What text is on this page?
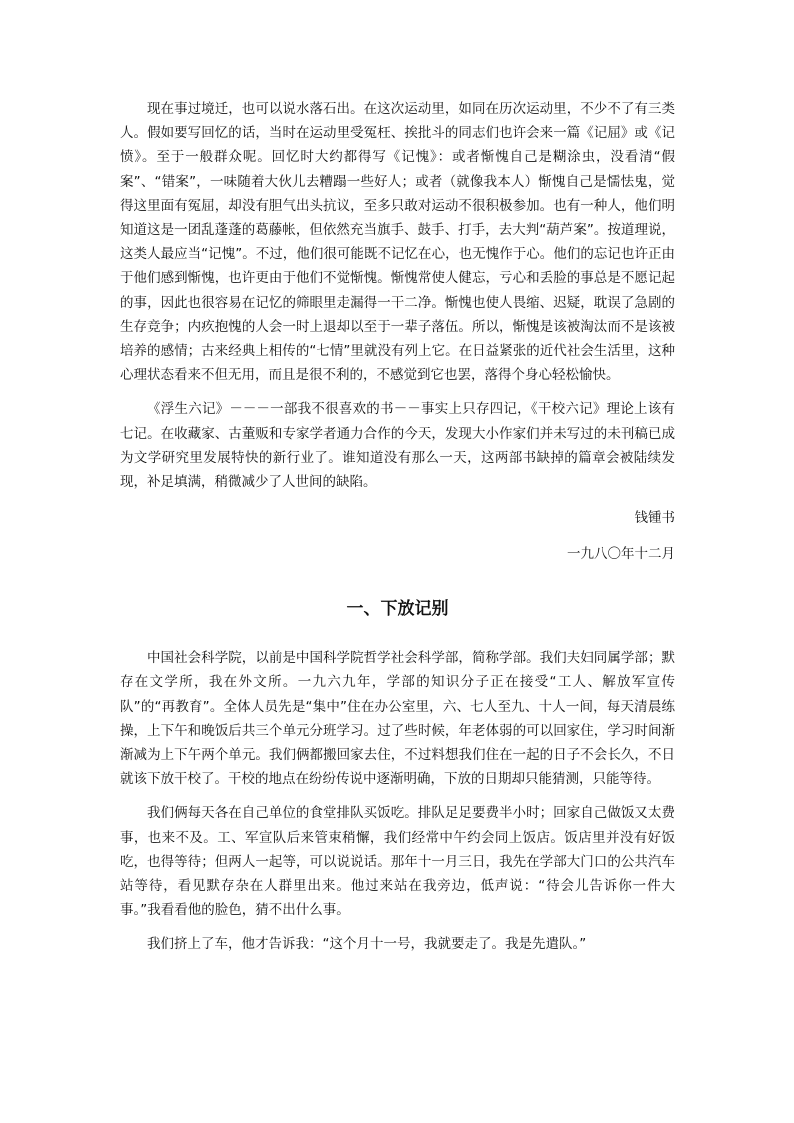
现在事过境迁，也可以说水落石出。在这次运动里，如同在历次运动里，不少不了有三类人。假如要写回忆的话，当时在运动里受冤枉、挨批斗的同志们也许会来一篇《记屈》或《记愤》。至于一般群众呢。回忆时大约都得写《记愧》：或者惭愧自己是糊涂虫，没看清“假案”、“错案”，一味随着大伙儿去糟蹋一些好人；或者（就像我本人）惭愧自己是懦怯鬼，觉得这里面有冤屈，却没有胆气出头抗议，至多只敢对运动不很积极参加。也有一种人，他们明知道这是一团乱蓬蓬的葛藤帐，但依然充当旗手、鼓手、打手，去大判“葫芦案”。按道理说，这类人最应当“记愧”。不过，他们很可能既不记忆在心，也无愧作于心。他们的忘记也许正由于他们感到惭愧，也许更由于他们不觉惭愧。惭愧常使人健忘，亏心和丢脸的事总是不愿记起的事，因此也很容易在记忆的筛眼里走漏得一干二净。惭愧也使人畏缩、迟疑，耽误了急剧的生存竞争；内疚抱愧的人会一时上退却以至于一辈子落伍。所以，惭愧是该被淘汰而不是该被培养的感情；古来经典上相传的“七情”里就没有列上它。在日益紧张的近代社会生活里，这种心理状态看来不但无用，而且是很不利的，不感觉到它也罢，落得个身心轻松愉快。

《浮生六记》－－－一部我不很喜欢的书－－事实上只存四记，《干校六记》理论上该有七记。在收藏家、古董贩和专家学者通力合作的今天，发现大小作家们并未写过的未刊稿已成为文学研究里发展特快的新行业了。谁知道没有那么一天，这两部书缺掉的篇章会被陆续发现，补足填满，稍微减少了人世间的缺陷。

钱锺书

一九八〇年十二月

一、下放记别

中国社会科学院，以前是中国科学院哲学社会科学部，简称学部。我们夫妇同属学部；默存在文学所，我在外文所。一九六九年，学部的知识分子正在接受“工人、解放军宣传队”的“再教育”。全体人员先是“集中”住在办公室里，六、七人至九、十人一间，每天清晨练操，上下午和晚饭后共三个单元分班学习。过了些时候，年老体弱的可以回家住，学习时间渐渐减为上下午两个单元。我们俩都搬回家去住，不过料想我们住在一起的日子不会长久，不日就该下放干校了。干校的地点在纷纷传说中逐渐明确，下放的日期却只能猜测，只能等待。

我们俩每天各在自己单位的食堂排队买饭吃。排队足足要费半小时；回家自己做饭又太费事，也来不及。工、军宣队后来管束稍懈，我们经常中午约会同上饭店。饭店里并没有好饭吃，也得等待；但两人一起等，可以说说话。那年十一月三日，我先在学部大门口的公共汽车站等待，看见默存杂在人群里出来。他过来站在我旁边，低声说：“待会儿告诉你一件大事。”我看看他的脸色，猜不出什么事。

我们挤上了车，他才告诉我：“这个月十一号，我就要走了。我是先遣队。”
